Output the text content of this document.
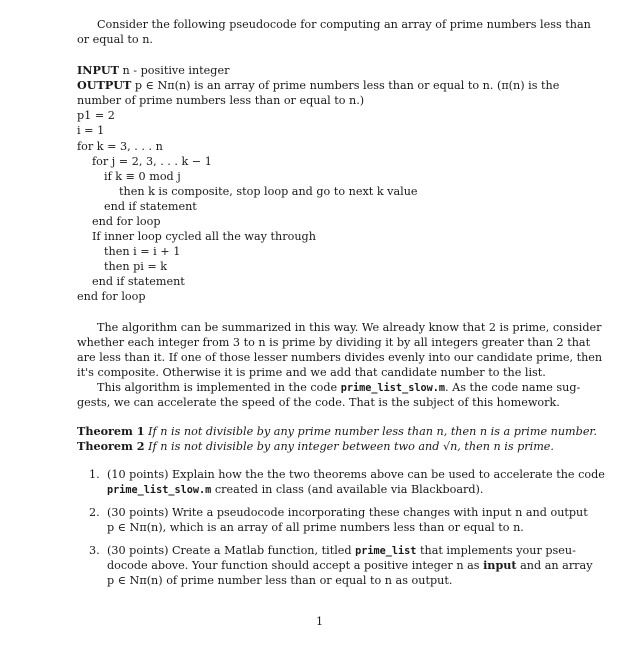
Consider the following pseudocode for computing an array of prime numbers less than

or equal to n.

INPUT n - positive integer

OUTPUT p ∈ Nπ(n) is an array of prime numbers less than or equal to n. (π(n) is the

number of prime numbers less than or equal to n.)

p1 = 2

i = 1

for k = 3, . . . n

for j = 2, 3, . . . k − 1

if k ≡ 0 mod j

then k is composite, stop loop and go to next k value

end if statement

end for loop

If inner loop cycled all the way through

then i = i + 1

then pi = k

end if statement

end for loop

The algorithm can be summarized in this way. We already know that 2 is prime, consider

whether each integer from 3 to n is prime by dividing it by all integers greater than 2 that

are less than it. If one of those lesser numbers divides evenly into our candidate prime, then

it's composite. Otherwise it is prime and we add that candidate number to the list.

This algorithm is implemented in the code prime_list_slow.m. As the code name sug-

gests, we can accelerate the speed of the code. That is the subject of this homework.

Theorem 1 If n is not divisible by any prime number less than n, then n is a prime number.

Theorem 2 If n is not divisible by any integer between two and √n, then n is prime.

1. (10 points) Explain how the the two theorems above can be used to accelerate the code

prime_list_slow.m created in class (and available via Blackboard).

2. (30 points) Write a pseudocode incorporating these changes with input n and output

p ∈ Nπ(n), which is an array of all prime numbers less than or equal to n.

3. (30 points) Create a Matlab function, titled prime_list that implements your pseu-

docode above. Your function should accept a positive integer n as input and an array

p ∈ Nπ(n) of prime number less than or equal to n as output.

1
